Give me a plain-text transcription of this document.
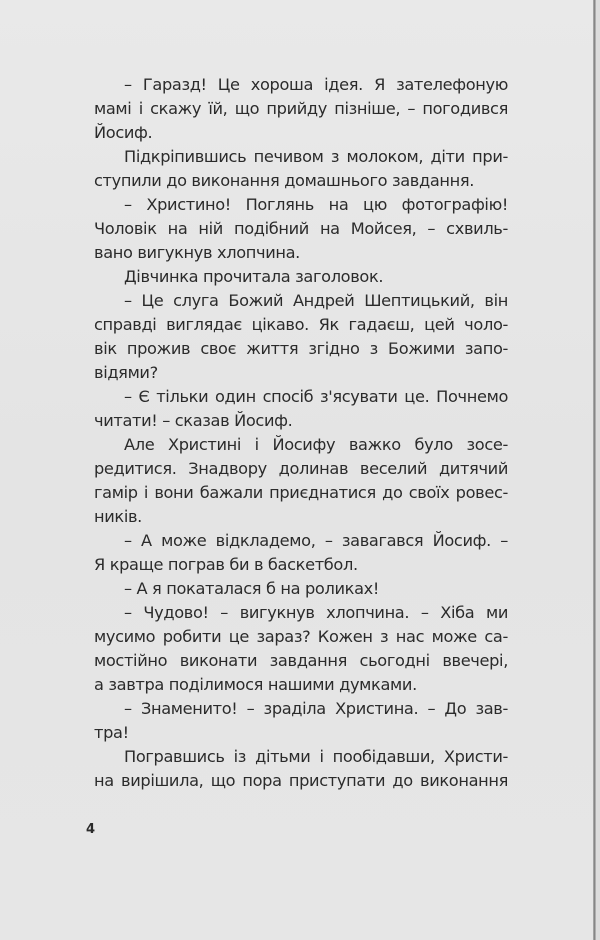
– Гаразд! Це хороша ідея. Я зателефоную
мамі і скажу їй, що прийду пізніше, – погодився
Йосиф.
Підкріпившись печивом з молоком, діти при-
ступили до виконання домашнього завдання.
– Христино! Поглянь на цю фотографію!
Чоловік на ній подібний на Мойсея, – схвиль-
вано вигукнув хлопчина.
Дівчинка прочитала заголовок.
– Це слуга Божий Андрей Шептицький, він
справді виглядає цікаво. Як гадаєш, цей чоло-
вік прожив своє життя згідно з Божими запо-
відями?
– Є тільки один спосіб з'ясувати це. Почнемо
читати! – сказав Йосиф.
Але Христині і Йосифу важко було зосе-
редитися. Знадвору долинав веселий дитячий
гамір і вони бажали приєднатися до своїх ровес-
ників.
– А може відкладемо, – завагався Йосиф. –
Я краще пограв би в баскетбол.
– А я покаталася б на роликах!
– Чудово! – вигукнув хлопчина. – Хіба ми
мусимо робити це зараз? Кожен з нас може са-
мостійно виконати завдання сьогодні ввечері,
а завтра поділимося нашими думками.
– Знаменито! – зраділа Христина. – До зав-
тра!
Погравшись із дітьми і пообідавши, Христи-
на вирішила, що пора приступати до виконання
4
